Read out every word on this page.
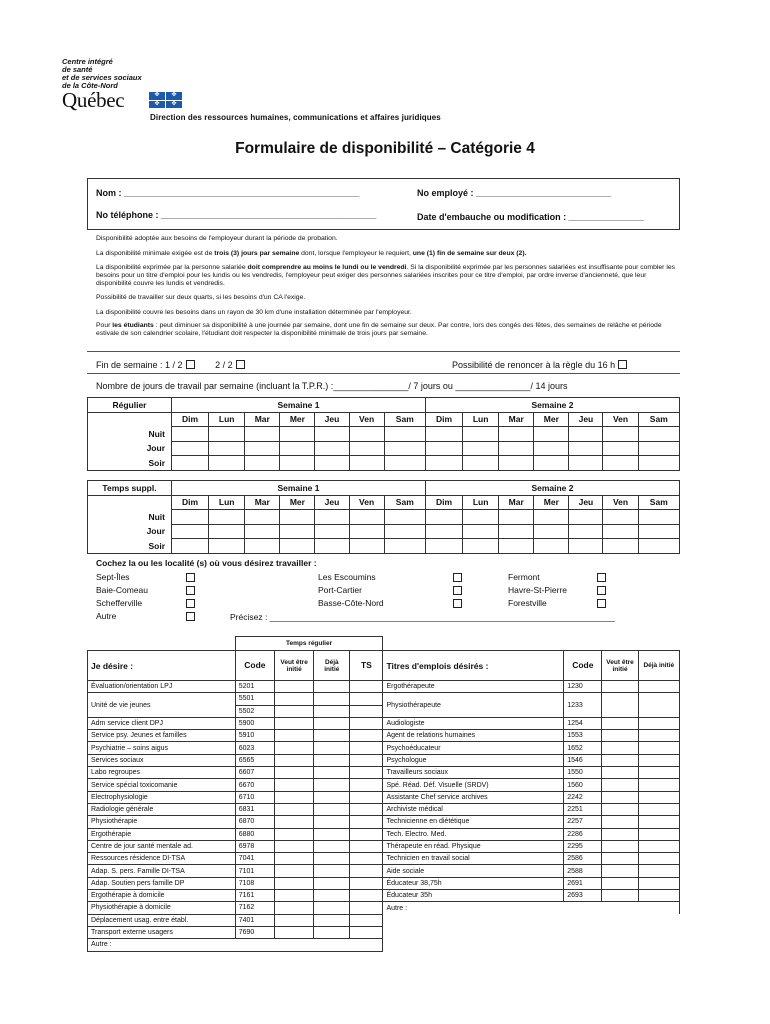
Centre intégré
de santé
et de services sociaux
de la Côte-Nord
Québec	✤	✤
✤	✤
Direction des ressources humaines, communications et affaires juridiques
Formulaire de disponibilité – Catégorie 4
Nom : _______________________________________________	No employé : ___________________________
No téléphone : ___________________________________________	Date d'embauche ou modification : _______________
Disponibilité adoptée aux besoins de l'employeur durant la période de probation.
La disponibilité minimale exigée est de trois (3) jours par semaine dont, lorsque l'employeur le requiert, une (1) fin de semaine sur deux (2).
La disponibilité exprimée par la personne salariée doit comprendre au moins le lundi ou le vendredi. Si la disponibilité exprimée par les personnes salariées est insuffisante pour combler les besoins pour un titre d'emploi pour les lundis ou les vendredis, l'employeur peut exiger des personnes salariées inscrites pour ce titre d'emploi, par ordre inverse d'ancienneté, que leur disponibilité couvre les lundis et vendredis.
Possibilité de travailler sur deux quarts, si les besoins d'un CA l'exige.
La disponibilité couvre les besoins dans un rayon de 30 km d'une installation déterminée par l'employeur.
Pour les étudiants : peut diminuer sa disponibilité à une journée par semaine, dont une fin de semaine sur deux. Par contre, lors des congés des fêtes, des semaines de relâche et période estivale de son calendrier scolaire, l'étudiant doit respecter la disponibilité minimale de trois jours par semaine.
Fin de semaine : 1 / 2	2 / 2	Possibilité de renoncer à la règle du 16 h
Nombre de jours de travail par semaine (incluant la T.P.R.) :_______________/ 7 jours ou _______________/ 14 jours
Régulier	Semaine 1							Semaine 2						
	Dim	Lun	Mar	Mer	Jeu	Ven	Sam	Dim	Lun	Mar	Mer	Jeu	Ven	Sam
Nuit														
Jour														
Soir														
Temps suppl.	Semaine 1							Semaine 2						
	Dim	Lun	Mar	Mer	Jeu	Ven	Sam	Dim	Lun	Mar	Mer	Jeu	Ven	Sam
Nuit														
Jour														
Soir														
Cochez la ou les localité (s) où vous désirez travailler :
Sept-Îles
Baie-Comeau
Schefferville
Autre
Les Escoumins
Port-Cartier
Basse-Côte-Nord
Fermont
Havre-St-Pierre
Forestville
Précisez : _________________________________________________________________________
	Temps régulier							
Je désire :	Code	Veut être initié	Déjà initié	TS	Titres d'emplois désirés :	Code	Veut être initié	Déjà initié
Évaluation/orientation LPJ	5201				Ergothérapeute	1230		
Unité de vie jeunes	5501				Physiothérapeute	1233		
	5502							
Adm service client DPJ	5900				Audiologiste	1254		
Service psy. Jeunes et familles	5910				Agent de relations humaines	1553		
Psychiatrie – soins aigus	6023				Psychoéducateur	1652		
Services sociaux	6565				Psychologue	1546		
Labo regroupes	6607				Travailleurs sociaux	1550		
Service spécial toxicomanie	6670				Spé. Réad. Déf. Visuelle (SRDV)	1560		
Electrophysiologie	6710				Assistante Chef service archives	2242		
Radiologie générale	6831				Archiviste médical	2251		
Physiothérapie	6870				Technicienne en diététique	2257		
Ergothérapie	6880				Tech. Electro. Med.	2286		
Centre de jour santé mentale ad.	6978				Thérapeute en réad. Physique	2295		
Ressources résidence DI-TSA	7041				Technicien en travail social	2586		
Adap. S. pers. Famille DI-TSA	7101				Aide sociale	2588		
Adap. Soutien pers famille DP	7108				Éducateur 38,75h	2691		
Ergothérapie à domicile	7161				Éducateur 35h	2693		
Physiothérapie à domicile	7162				Autre :			
Déplacement usag. entre établ.	7401							
Transport externe usagers	7690							
Autre :								
